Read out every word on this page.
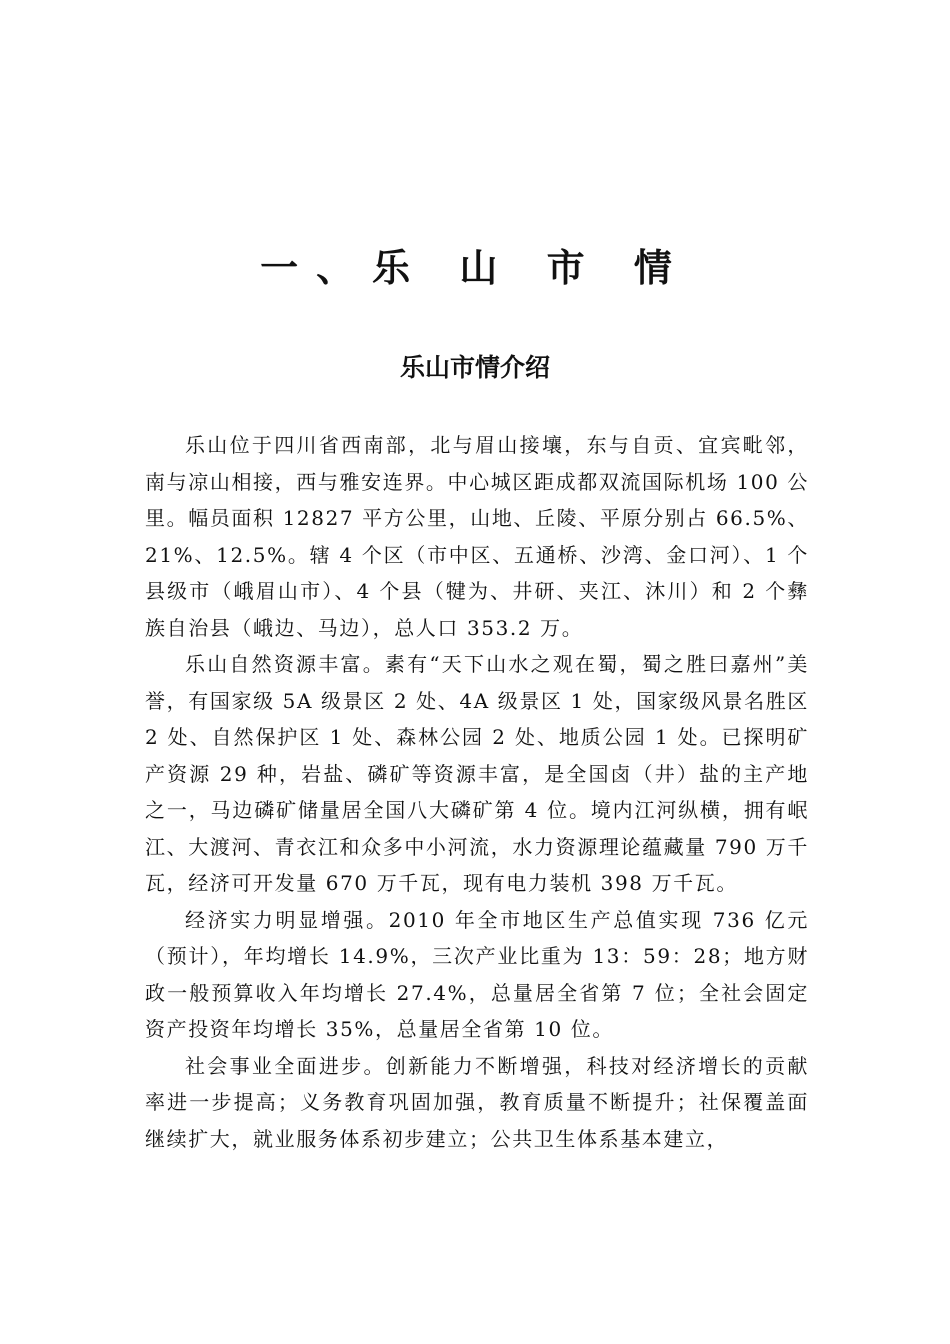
一、乐 山 市 情
乐山市情介绍

乐山位于四川省西南部，北与眉山接壤，东与自贡、宜宾毗邻，南与凉山相接，西与雅安连界。中心城区距成都双流国际机场 100 公里。幅员面积 12827 平方公里，山地、丘陵、平原分别占 66.5%、21%、12.5%。辖 4 个区（市中区、五通桥、沙湾、金口河）、1 个县级市（峨眉山市）、4 个县（犍为、井研、夹江、沐川）和 2 个彝族自治县（峨边、马边），总人口 353.2 万。

乐山自然资源丰富。素有“天下山水之观在蜀，蜀之胜曰嘉州”美誉，有国家级 5A 级景区 2 处、4A 级景区 1 处，国家级风景名胜区 2 处、自然保护区 1 处、森林公园 2 处、地质公园 1 处。已探明矿产资源 29 种，岩盐、磷矿等资源丰富，是全国卤（井）盐的主产地之一，马边磷矿储量居全国八大磷矿第 4 位。境内江河纵横，拥有岷江、大渡河、青衣江和众多中小河流，水力资源理论蕴藏量 790 万千瓦，经济可开发量 670 万千瓦，现有电力装机 398 万千瓦。

经济实力明显增强。2010 年全市地区生产总值实现 736 亿元（预计），年均增长 14.9%，三次产业比重为 13：59：28；地方财政一般预算收入年均增长 27.4%，总量居全省第 7 位；全社会固定资产投资年均增长 35%，总量居全省第 10 位。

社会事业全面进步。创新能力不断增强，科技对经济增长的贡献率进一步提高；义务教育巩固加强，教育质量不断提升；社保覆盖面继续扩大，就业服务体系初步建立；公共卫生体系基本建立，
